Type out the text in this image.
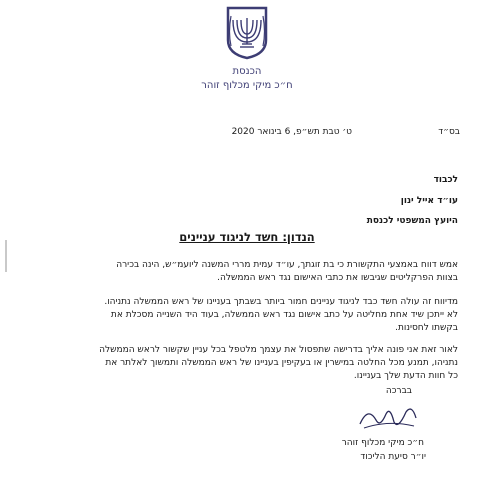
הכנסת
ח״כ מיקי מכלוף זוהר
בס״ד
ט׳ טבת תש״פ, 6 בינואר 2020
לכבוד
עו״ד אייל ינון
היועץ המשפטי לכנסת
הנדון: חשד לניגוד עניינים
אמש דווח באמצעי התקשורת כי בת זוגתך, עו״ד עמית מררי המשנה ליועמ״ש, הינה בכירה
בצוות הפרקליטים שגיבשו את כתבי האישום נגד ראש הממשלה.
מדיווח זה עולה חשד כבד לניגוד עניינים חמור ביותר בשבתך בעניינו של ראש הממשלה נתניהו.
לא ייתכן שיד אחת מחליטה על כתב אישום נגד ראש הממשלה, בעוד היד השנייה מסכלת את
בקשתו לחסינות.
לאור זאת אני פונה אליך בדרישה שתפסול את עצמך מלטפל בכל עניין שקשור לראש הממשלה
נתניהו, תמנע מכל החלטה במישרין או בעקיפין בעניינו של ראש הממשלה ותמשוך לאלתר את
כל חוות הדעת שלך בעניינו.
בברכה
ח״כ מיקי מכלוף זוהר
יו״ר סיעת הליכוד
